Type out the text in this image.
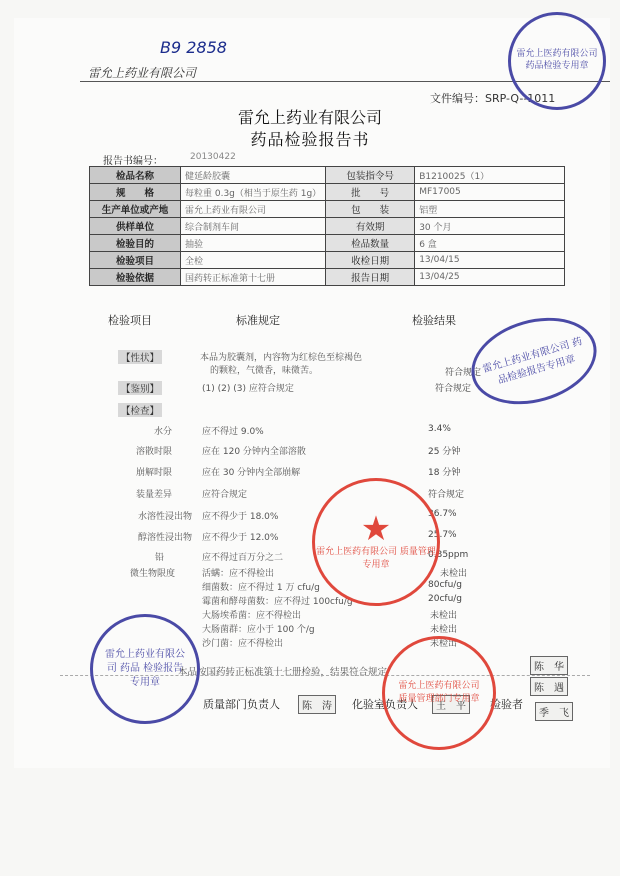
雷允上药业有限公司
B9 2858
文件编号：SRP-Q--1011
雷允上药业有限公司
药品检验报告书
报告书编号：	20130422
检品名称	健延龄胶囊	包装指令号	B1210025（1）
规　　格	每粒重 0.3g（相当于原生药 1g）	批　　号	MF17005
生产单位或产地	雷允上药业有限公司	包　　装	铝塑
供样单位	综合制剂车间	有效期	30 个月
检验目的	抽验	检品数量	6 盒
检验项目	全检	收检日期	13/04/15
检验依据	国药转正标准第十七册	报告日期	13/04/25
检验项目	标准规定	检验结果
【性状】	本品为胶囊剂，内容物为红棕色至棕褐色
的颗粒，气微香，味微苦。	符合规定
【鉴别】	(1) (2) (3) 应符合规定	符合规定
【检查】
水分	应不得过 9.0%	3.4%
溶散时限	应在 120 分钟内全部溶散	25 分钟
崩解时限	应在 30 分钟内全部崩解	18 分钟
装量差异	应符合规定	符合规定
水溶性浸出物 应不得少于 18.0%	36.7%
醇溶性浸出物 应不得少于 12.0%	25.7%
铅	应不得过百万分之二	0.35ppm
微生物限度	活螨：应不得检出	未检出
细菌数：应不得过 1 万 cfu/g	80cfu/g
霉菌和酵母菌数：应不得过 100cfu/g	20cfu/g
大肠埃希菌：应不得检出	未检出
大肠菌群：应小于 100 个/g	未检出
沙门菌：应不得检出	未检出
本品按国药转正标准第十七册检验，结果符合规定
质量部门负责人	陈　涛	化验室负责人	王　平	检验者
陈　华
陈　遇
季　飞
雷允上医药有限公司
药品检验专用章
雷允上药业有限公司 药品检验报告专用章
★
雷允上医药有限公司 质量管理专用章
雷允上药业有限公司 药品 检验报告专用章	雷允上医药有限公司 质量管理部门专用章
